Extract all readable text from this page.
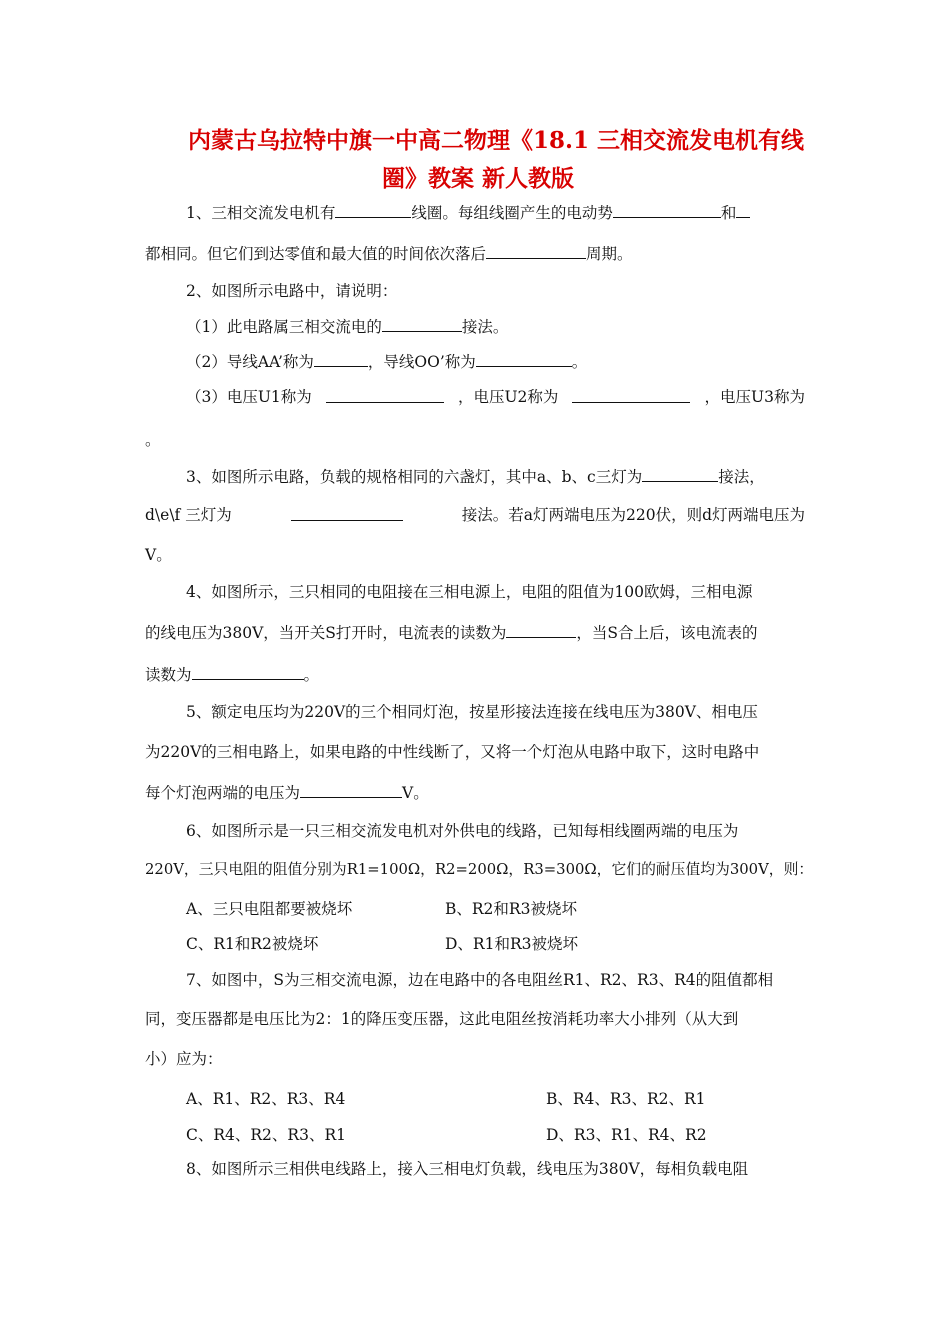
内蒙古乌拉特中旗一中高二物理《18.1 三相交流发电机有线
圈》教案 新人教版
1、三相交流发电机有	线圈。每组线圈产生的电动势	和
都相同。但它们到达零值和最大值的时间依次落后	周期。
2、如图所示电路中，请说明：
（1）此电路属三相交流电的	接法。
（2）导线AA’称为	，导线OO’称为	。
（3）电压U1称为	，电压U2称为	，电压U3称为
。
3、如图所示电路，负载的规格相同的六盏灯，其中a、b、c三灯为	接法，
d\e\f 三灯为	接法。若a灯两端电压为220伏，则d灯两端电压为
V。
4、如图所示，三只相同的电阻接在三相电源上，电阻的阻值为100欧姆，三相电源
的线电压为380V，当开关S打开时，电流表的读数为	，当S合上后，该电流表的
读数为	。
5、额定电压均为220V的三个相同灯泡，按星形接法连接在线电压为380V、相电压
为220V的三相电路上，如果电路的中性线断了，又将一个灯泡从电路中取下，这时电路中
每个灯泡两端的电压为	V。
6、如图所示是一只三相交流发电机对外供电的线路，已知每相线圈两端的电压为
220V，三只电阻的阻值分别为R1=100Ω，R2=200Ω，R3=300Ω，它们的耐压值均为300V，则：
A、三只电阻都要被烧坏	B、R2和R3被烧坏
C、R1和R2被烧坏	D、R1和R3被烧坏
7、如图中，S为三相交流电源，边在电路中的各电阻丝R1、R2、R3、R4的阻值都相
同，变压器都是电压比为2：1的降压变压器，这此电阻丝按消耗功率大小排列（从大到
小）应为：
A、R1、R2、R3、R4	B、R4、R3、R2、R1
C、R4、R2、R3、R1	D、R3、R1、R4、R2
8、如图所示三相供电线路上，接入三相电灯负载，线电压为380V，每相负载电阻
